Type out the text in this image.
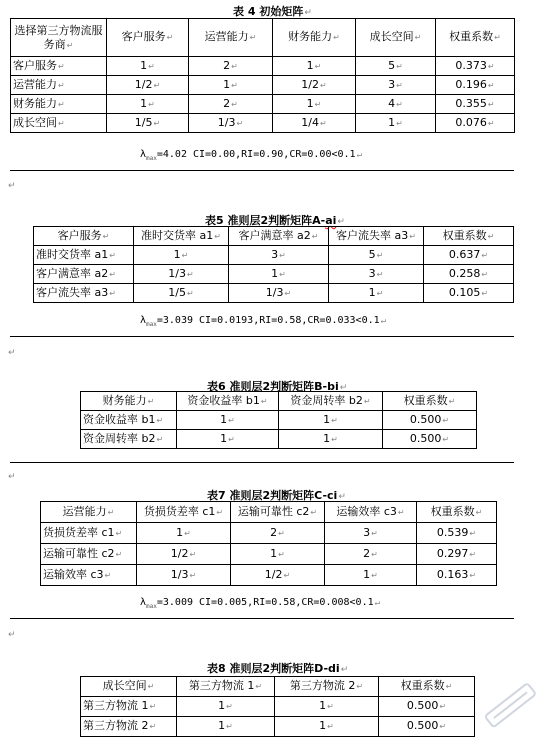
表 4 初始矩阵↵
选择第三方物流服务商↵	客户服务↵	运营能力↵	财务能力↵	成长空间↵	权重系数↵
客户服务↵	1↵	2↵	1↵	5↵	0.373↵
运营能力↵	1/2↵	1↵	1/2↵	3↵	0.196↵
财务能力↵	1↵	2↵	1↵	4↵	0.355↵
成长空间↵	1/5↵	1/3↵	1/4↵	1↵	0.076↵
$\lambda_{max}=4.02$ CI=0.00,RI=0.90,CR=0.00<0.1↵
↵
表5 准则层2判断矩阵A-ai↵
客户服务↵	准时交货率 a1↵	客户满意率 a2↵	客户流失率 a3↵	权重系数↵
准时交货率 a1↵	1↵	3↵	5↵	0.637↵
客户满意率 a2↵	1/3↵	1↵	3↵	0.258↵
客户流失率 a3↵	1/5↵	1/3↵	1↵	0.105↵
$\lambda_{max}=3.039$ CI=0.0193,RI=0.58,CR=0.033<0.1↵
↵
表6 准则层2判断矩阵B-bi↵
财务能力↵	资金收益率 b1↵	资金周转率 b2↵	权重系数↵
资金收益率 b1↵	1↵	1↵	0.500↵
资金周转率 b2↵	1↵	1↵	0.500↵
↵
表7 准则层2判断矩阵C-ci↵
运营能力↵	货损货差率 c1↵	运输可靠性 c2↵	运输效率 c3↵	权重系数↵
货损货差率 c1↵	1↵	2↵	3↵	0.539↵
运输可靠性 c2↵	1/2↵	1↵	2↵	0.297↵
运输效率 c3↵	1/3↵	1/2↵	1↵	0.163↵
$\lambda_{max}=3.009$ CI=0.005,RI=0.58,CR=0.008<0.1↵
↵
表8 准则层2判断矩阵D-di↵
成长空间↵	第三方物流 1↵	第三方物流 2↵	权重系数↵
第三方物流 1↵	1↵	1↵	0.500↵
第三方物流 2↵	1↵	1↵	0.500↵
